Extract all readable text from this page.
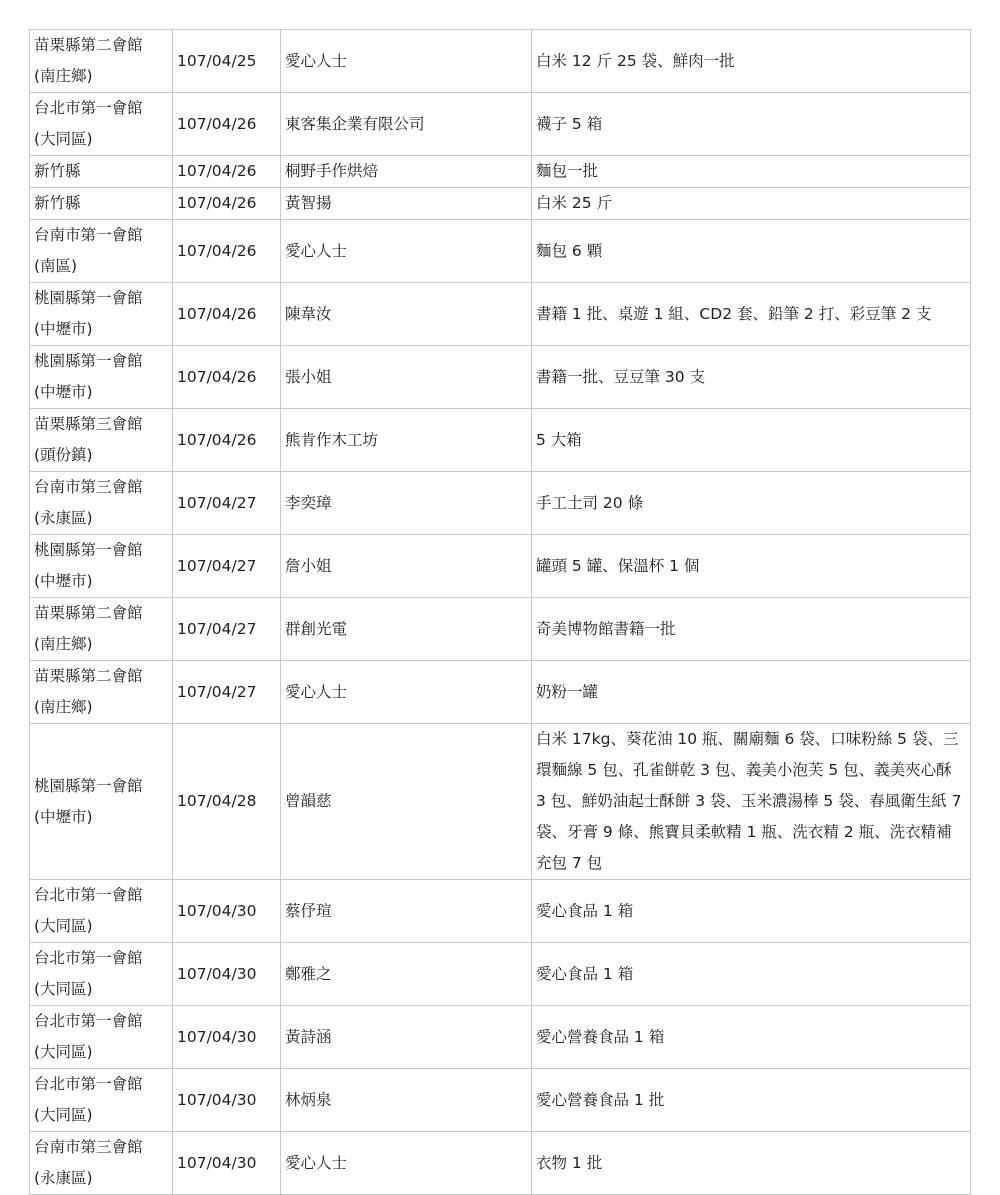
苗栗縣第二會館
(南庄鄉)	107/04/25	愛心人士	白米 12 斤 25 袋、鮮肉一批

台北市第一會館
(大同區)	107/04/26	東客集企業有限公司	襪子 5 箱

新竹縣	107/04/26	桐野手作烘焙	麵包一批

新竹縣	107/04/26	黃智揚	白米 25 斤

台南市第一會館
(南區)	107/04/26	愛心人士	麵包 6 顆

桃園縣第一會館
(中壢市)	107/04/26	陳韋汝	書籍 1 批、桌遊 1 組、CD2 套、鉛筆 2 打、彩豆筆 2 支

桃園縣第一會館
(中壢市)	107/04/26	張小姐	書籍一批、豆豆筆 30 支

苗栗縣第三會館
(頭份鎮)	107/04/26	熊肯作木工坊	5 大箱

台南市第三會館
(永康區)	107/04/27	李奕璋	手工土司 20 條

桃園縣第一會館
(中壢市)	107/04/27	詹小姐	罐頭 5 罐、保溫杯 1 個

苗栗縣第二會館
(南庄鄉)	107/04/27	群創光電	奇美博物館書籍一批

苗栗縣第二會館
(南庄鄉)	107/04/27	愛心人士	奶粉一罐

桃園縣第一會館
(中壢市)	107/04/28	曾韻慈	白米 17kg、葵花油 10 瓶、關廟麵 6 袋、口味粉絲 5 袋、三環麵線 5 包、孔雀餅乾 3 包、義美小泡芙 5 包、義美夾心酥 3 包、鮮奶油起士酥餅 3 袋、玉米濃湯棒 5 袋、春風衛生紙 7 袋、牙膏 9 條、熊寶貝柔軟精 1 瓶、洗衣精 2 瓶、洗衣精補充包 7 包

台北市第一會館
(大同區)	107/04/30	蔡伃瑄	愛心食品 1 箱

台北市第一會館
(大同區)	107/04/30	鄭雅之	愛心食品 1 箱

台北市第一會館
(大同區)	107/04/30	黃詩涵	愛心營養食品 1 箱

台北市第一會館
(大同區)	107/04/30	林炳泉	愛心營養食品 1 批

台南市第三會館
(永康區)	107/04/30	愛心人士	衣物 1 批
